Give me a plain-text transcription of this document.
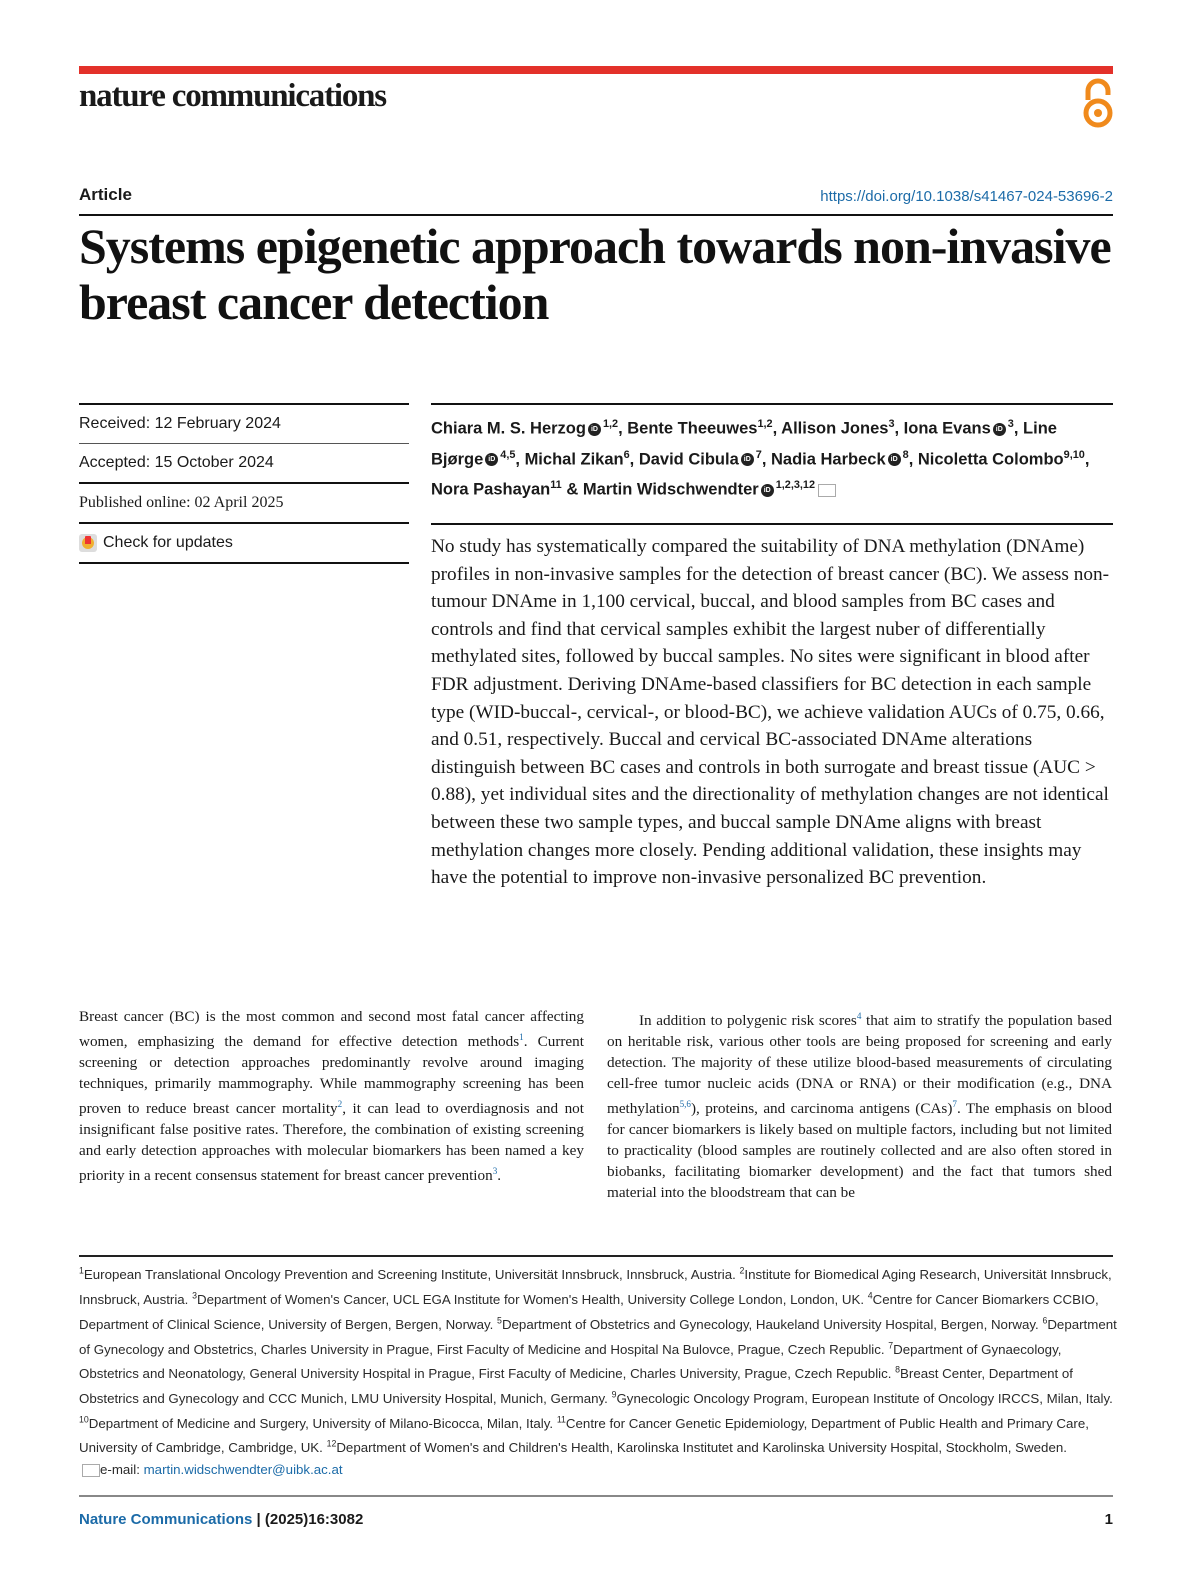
nature communications
Article	https://doi.org/10.1038/s41467-024-53696-2
Systems epigenetic approach towards non-invasive breast cancer detection
Received: 12 February 2024
Accepted: 15 October 2024
Published online: 02 April 2025
Check for updates
Chiara M. S. Herzog iD $^{1,2}$, Bente Theeuwes$^{1,2}$, Allison Jones$^3$, Iona Evans iD $^3$, Line Bjørge iD $^{4,5}$, Michal Zikan$^6$, David Cibula iD $^7$, Nadia Harbeck iD $^8$, Nicoletta Colombo$^{9,10}$, Nora Pashayan$^{11}$ & Martin Widschwendter iD $^{1,2,3,12}$
No study has systematically compared the suitability of DNA methylation (DNAme) profiles in non-invasive samples for the detection of breast cancer (BC). We assess non-tumour DNAme in 1,100 cervical, buccal, and blood samples from BC cases and controls and find that cervical samples exhibit the largest nuber of differentially methylated sites, followed by buccal samples. No sites were significant in blood after FDR adjustment. Deriving DNAme-based classifiers for BC detection in each sample type (WID-buccal-, cervical-, or blood-BC), we achieve validation AUCs of 0.75, 0.66, and 0.51, respectively. Buccal and cervical BC-associated DNAme alterations distinguish between BC cases and controls in both surrogate and breast tissue (AUC > 0.88), yet individual sites and the directionality of methylation changes are not identical between these two sample types, and buccal sample DNAme aligns with breast methylation changes more closely. Pending additional validation, these insights may have the potential to improve non-invasive personalized BC prevention.
Breast cancer (BC) is the most common and second most fatal cancer affecting women, emphasizing the demand for effective detection methods$^1$. Current screening or detection approaches predominantly revolve around imaging techniques, primarily mammography. While mammography screening has been proven to reduce breast cancer mortality$^2$, it can lead to overdiagnosis and not insignificant false positive rates. Therefore, the combination of existing screening and early detection approaches with molecular biomarkers has been named a key priority in a recent consensus statement for breast cancer prevention$^3$.
In addition to polygenic risk scores$^4$ that aim to stratify the population based on heritable risk, various other tools are being proposed for screening and early detection. The majority of these utilize blood-based measurements of circulating cell-free tumor nucleic acids (DNA or RNA) or their modification (e.g., DNA methylation$^{5,6}$), proteins, and carcinoma antigens (CAs)$^7$. The emphasis on blood for cancer biomarkers is likely based on multiple factors, including but not limited to practicality (blood samples are routinely collected and are also often stored in biobanks, facilitating biomarker development) and the fact that tumors shed material into the bloodstream that can be
$^1$European Translational Oncology Prevention and Screening Institute, Universität Innsbruck, Innsbruck, Austria. $^2$Institute for Biomedical Aging Research, Universität Innsbruck, Innsbruck, Austria. $^3$Department of Women's Cancer, UCL EGA Institute for Women's Health, University College London, London, UK. $^4$Centre for Cancer Biomarkers CCBIO, Department of Clinical Science, University of Bergen, Bergen, Norway. $^5$Department of Obstetrics and Gynecology, Haukeland University Hospital, Bergen, Norway. $^6$Department of Gynecology and Obstetrics, Charles University in Prague, First Faculty of Medicine and Hospital Na Bulovce, Prague, Czech Republic. $^7$Department of Gynaecology, Obstetrics and Neonatology, General University Hospital in Prague, First Faculty of Medicine, Charles University, Prague, Czech Republic. $^8$Breast Center, Department of Obstetrics and Gynecology and CCC Munich, LMU University Hospital, Munich, Germany. $^9$Gynecologic Oncology Program, European Institute of Oncology IRCCS, Milan, Italy. $^{10}$Department of Medicine and Surgery, University of Milano-Bicocca, Milan, Italy. $^{11}$Centre for Cancer Genetic Epidemiology, Department of Public Health and Primary Care, University of Cambridge, Cambridge, UK. $^{12}$Department of Women's and Children's Health, Karolinska Institutet and Karolinska University Hospital, Stockholm, Sweden.
e-mail: martin.widschwendter@uibk.ac.at
Nature Communications | (2025)16:3082	1
